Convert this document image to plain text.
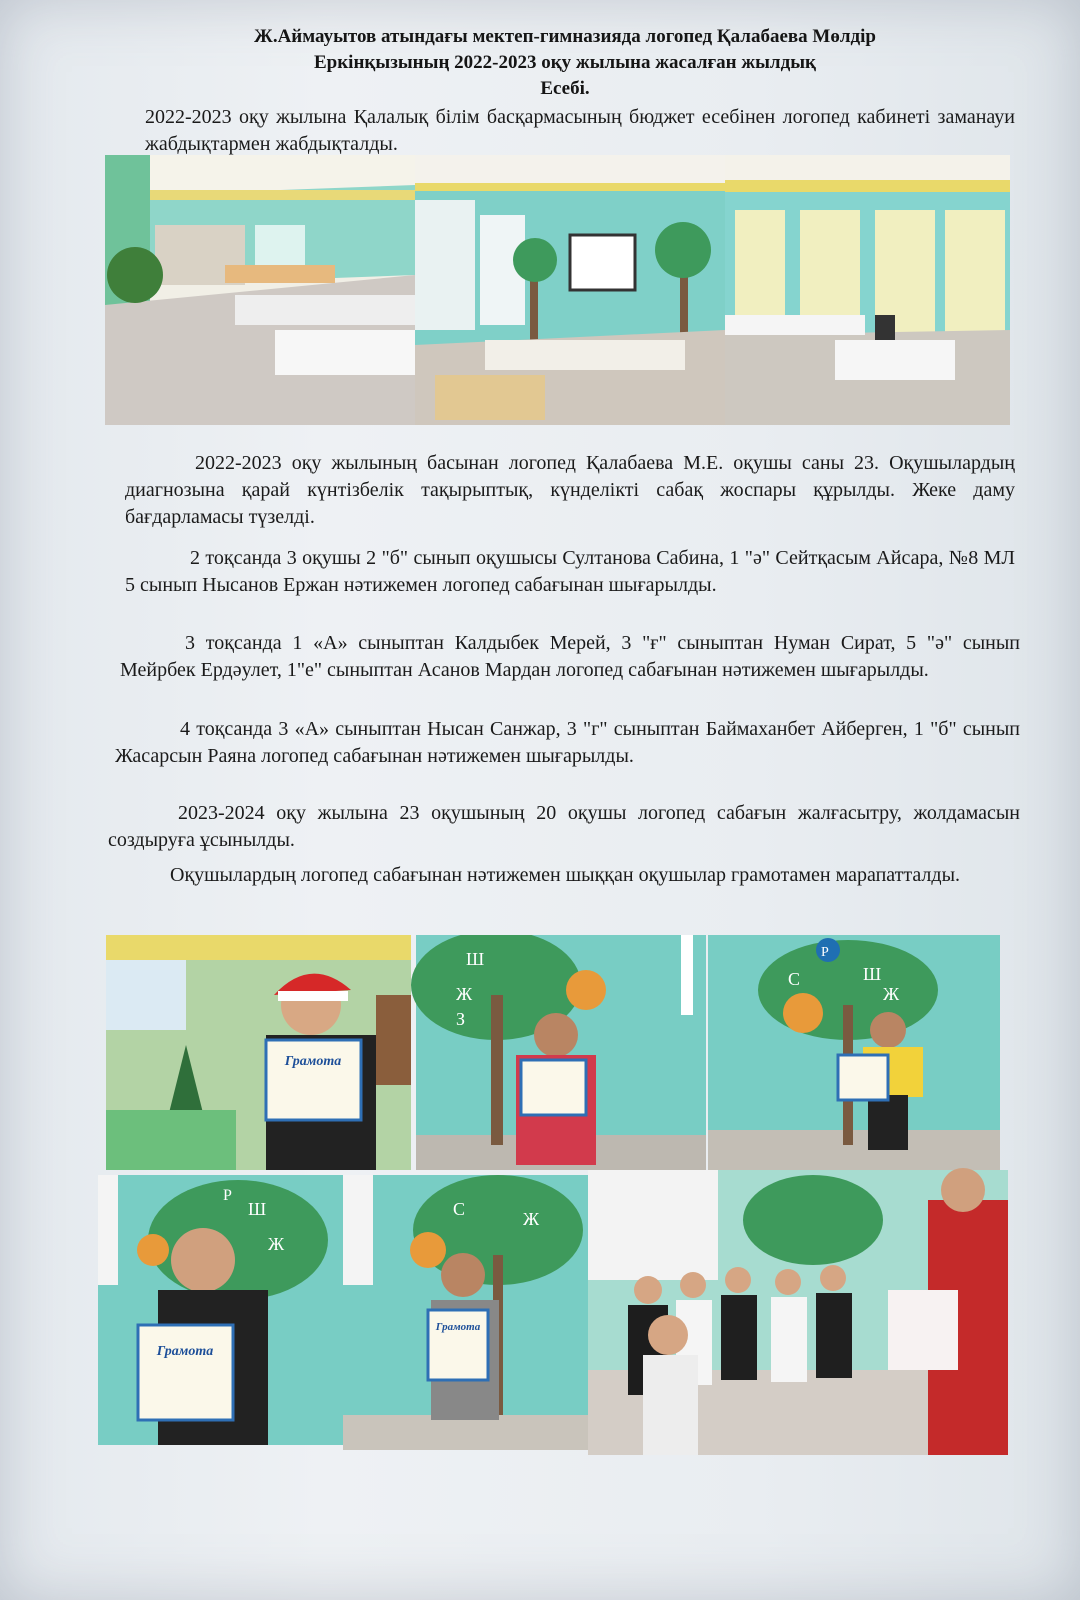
Ж.Аймауытов атындағы мектеп-гимназияда логопед Қалабаева Мөлдір
Еркінқызының 2022-2023 оқу жылына жасалған жылдық
Есебі.
2022-2023 оқу жылына Қалалық білім басқармасының бюджет есебінен логопед кабинеті заманауи жабдықтармен жабдықталды.
2022-2023 оқу жылының басынан логопед Қалабаева М.Е. оқушы саны 23. Оқушылардың диагнозына қарай күнтізбелік тақырыптық, күнделікті сабақ жоспары құрылды. Жеке даму бағдарламасы түзелді.
2 тоқсанда 3 оқушы 2 "б" сынып оқушысы Султанова Сабина, 1 "ә" Сейтқасым Айсара, №8 МЛ 5 сынып Нысанов Ержан нәтижемен логопед сабағынан шығарылды.
3 тоқсанда 1 «А» сыныптан Калдыбек Мерей, 3 "ғ" сыныптан Нуман Сират, 5 "ә" сынып Мейрбек Ердәулет, 1"е" сыныптан Асанов Мардан логопед сабағынан нәтижемен шығарылды.
4 тоқсанда 3 «А» сыныптан Нысан Санжар, 3 "г" сыныптан Баймаханбет Айберген, 1 "б" сынып Жасарсын Раяна логопед сабағынан нәтижемен шығарылды.
2023-2024 оқу жылына 23 оқушының 20 оқушы логопед сабағын жалғасытру, жолдамасын создыруға ұсынылды.
Оқушылардың логопед сабағынан нәтижемен шыққан оқушылар грамотамен марапатталды.
Грамота
Ш
Ж
З
Р
Ш
С
Ж
Р
Ш
Ж
Грамота
С	Ж
Грамота
